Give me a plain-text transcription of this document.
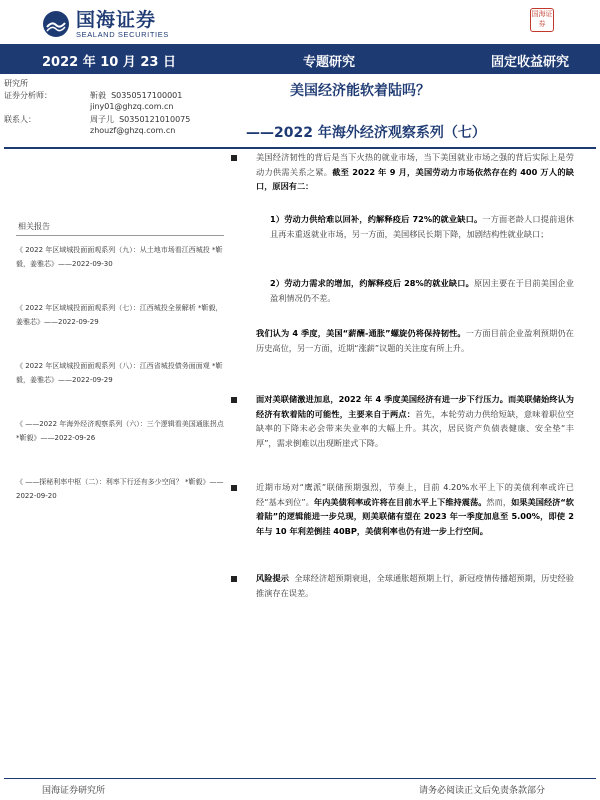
国海证券
SEALAND SECURITIES
国海证券
2022 年 10 月 23 日	专题研究	固定收益研究
研究所
证券分析师：	靳毅 S0350517100001
jiny01@ghzq.com.cn
联系人：	周子儿 S0350121010075
zhouzf@ghzq.com.cn
美国经济能软着陆吗？
——2022 年海外经济观察系列（七）
相关报告
《 2022 年区域城投面面观系列（九）：从土地市场看江西城投 *靳毅，姜雅芯》——2022-09-30
《 2022 年区域城投面面观系列（七）：江西城投全景解析 *靳毅，姜雅芯》——2022-09-29
《 2022 年区域城投面面观系列（八）：江西省城投债务面面观 *靳毅，姜雅芯》——2022-09-29
《 ——2022 年海外经济观察系列（六）：三个逻辑看美国通胀拐点 *靳毅》——2022-09-26
《 ——探秘利率中枢（二）：利率下行还有多少空间？ *靳毅》——2022-09-20
美国经济韧性的背后是当下火热的就业市场，当下美国就业市场之强的背后实际上是劳动力供需关系之紧。截至 2022 年 9 月，美国劳动力市场依然存在约 400 万人的缺口，原因有二：
1）劳动力供给难以回补，约解释疫后 72%的就业缺口。一方面老龄人口提前退休且再未重返就业市场，另一方面，美国移民长期下降，加剧结构性就业缺口；
2）劳动力需求的增加，约解释疫后 28%的就业缺口。原因主要在于目前美国企业盈利情况仍不差。
我们认为 4 季度，美国“薪酬-通胀”螺旋仍将保持韧性。一方面目前企业盈利预期仍在历史高位，另一方面，近期“涨薪”议题的关注度有所上升。
面对美联储激进加息，2022 年 4 季度美国经济有进一步下行压力。而美联储始终认为经济有软着陆的可能性，主要来自于两点：首先，本轮劳动力供给短缺，意味着职位空缺率的下降未必会带来失业率的大幅上升。其次，居民资产负债表健康、安全垫“丰厚”，需求倒难以出现断崖式下降。
近期市场对“鹰派”联储预期强烈，节奏上，目前 4.20%水平上下的美债利率或许已经“基本到位”。年内美债利率或许将在目前水平上下维持震荡。然而，如果美国经济“软着陆”的逻辑能进一步兑现，则美联储有望在 2023 年一季度加息至 5.00%，即使 2 年与 10 年利差倒挂 40BP，美债利率也仍有进一步上行空间。
风险提示 全球经济超预期衰退，全球通胀超预期上行，新冠疫情传播超预期，历史经验推演存在误差。
国海证券研究所	请务必阅读正文后免责条款部分
